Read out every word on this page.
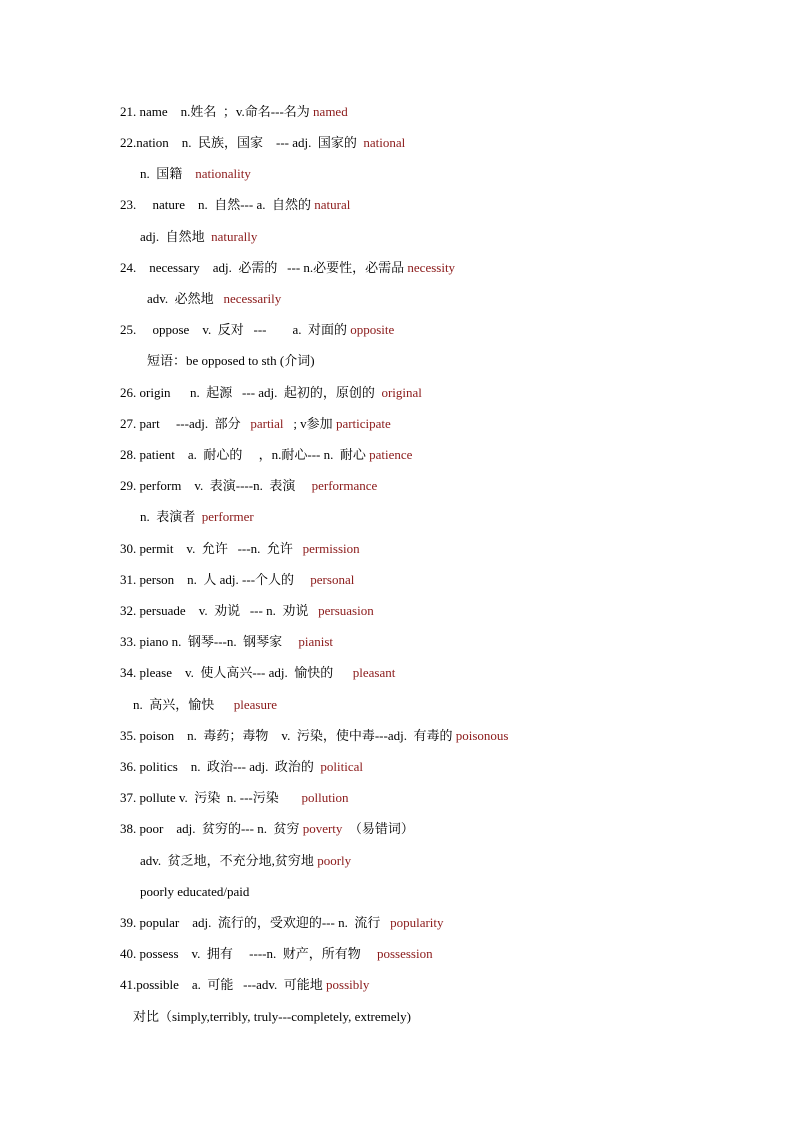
21. name    n.姓名  ；v.命名---名为 named
22.nation    n.  民族，国家    --- adj.  国家的  national
n.  国籍    nationality
23.     nature    n.  自然--- a.  自然的 natural
adj.  自然地  naturally
24.    necessary    adj.  必需的   --- n.必要性，必需品 necessity
adv.  必然地   necessarily
25.     oppose    v.  反对   ---        a.  对面的 opposite
短语：be opposed to sth (介词)
26. origin      n.  起源   --- adj.  起初的，原创的  original
27. part     ---adj.  部分   partial   ; v参加 participate
28. patient    a.  耐心的     ，n.耐心--- n.  耐心 patience
29. perform    v.  表演----n.  表演     performance
n.  表演者  performer
30. permit    v.  允许   ---n.  允许   permission
31. person    n.  人 adj. ---个人的     personal
32. persuade    v.  劝说   --- n.  劝说   persuasion
33. piano n.  钢琴---n.  钢琴家     pianist
34. please    v.  使人高兴--- adj.  愉快的      pleasant
n.  高兴，愉快      pleasure
35. poison    n.  毒药；毒物    v.  污染，使中毒---adj.  有毒的 poisonous
36. politics    n.  政治--- adj.  政治的  political
37. pollute v.  污染  n. ---污染       pollution
38. poor    adj.  贫穷的--- n.  贫穷 poverty  （易错词）
adv.  贫乏地，不充分地,贫穷地 poorly
poorly educated/paid
39. popular    adj.  流行的，受欢迎的--- n.  流行   popularity
40. possess    v.  拥有     ----n.  财产，所有物     possession
41.possible    a.  可能   ---adv.  可能地 possibly
对比（simply,terribly, truly---completely, extremely)
